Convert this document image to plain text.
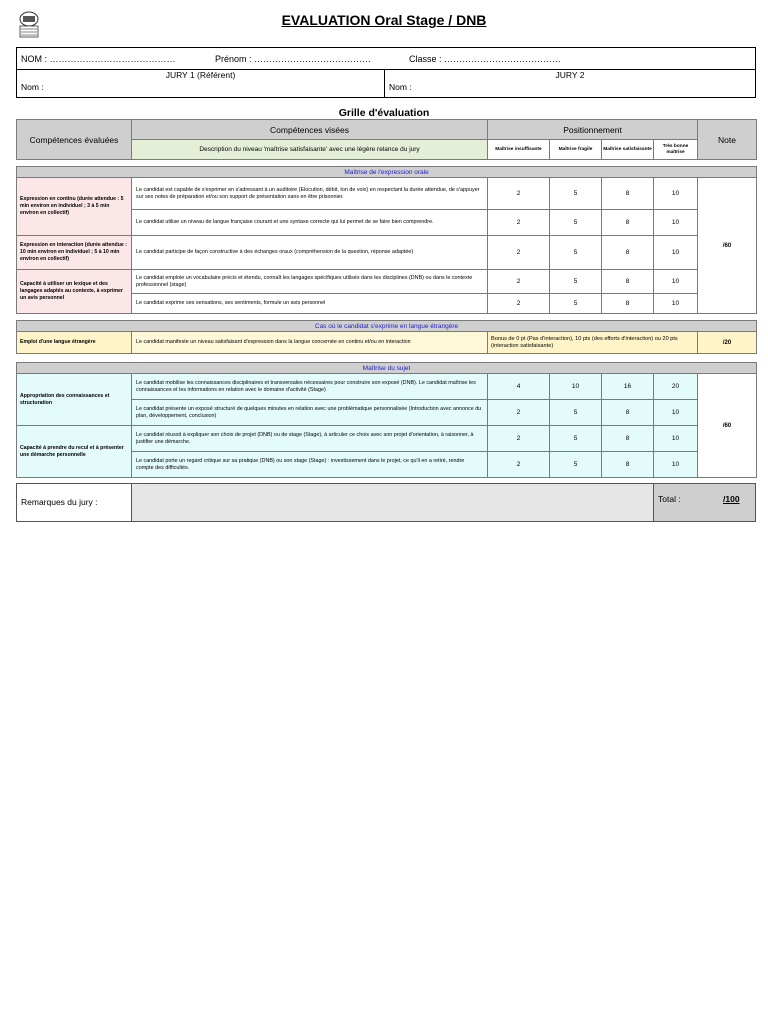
EVALUATION Oral Stage / DNB
NOM : ……………………………………	Prénom : …………………………………	Classe : …………………………………
JURY 1 (Référent)
Nom :
JURY 2
Nom :
Grille d'évaluation
Compétences évaluées	Compétences visées	Positionnement				Note
	Description du niveau 'maîtrise satisfaisante' avec une légère relance du jury	Maîtrise insuffisante	Maîtrise fragile	Maîtrise satisfaisante	Très bonne maîtrise	
Maîtrise de l'expression orale						
Expression en continu (durée attendue : 5 min environ en individuel ; 3 à 5 min environ en collectif)	Le candidat est capable de s'exprimer en s'adressant à un auditoire (Elocution, débit, ton de voix) en respectant la durée attendue, de s'appuyer sur ses notes de préparation et/ou son support de présentation sans en être prisonnier.	2	5	8	10	/60
	Le candidat utilise un niveau de langue française courant et une syntaxe correcte qui lui permet de se faire bien comprendre.	2	5	8	10	
Expression en interaction (durée attendue : 10 min environ en individuel ; 5 à 10 min environ en collectif)	Le candidat participe de façon constructive à des échanges oraux (compréhension de la question, réponse adaptée)	2	5	8	10	
Capacité à utiliser un lexique et des langages adaptés au contexte, à exprimer un avis personnel	Le candidat emploie un vocabulaire précis et étendu, connaît les langages spécifiques utilisés dans les disciplines (DNB) ou dans le contexte professionnel (stage)	2	5	8	10	
	Le candidat exprime ses sensations, ses sentiments, formule un avis personnel	2	5	8	10	
Cas où le candidat s'exprime en langue étrangère
Emploi d'une langue étrangère	Le candidat manifeste un niveau satisfaisant d'expression dans la langue concernée en continu et/ou en interaction	Bonus de 0 pt (Pas d'interaction), 10 pts (des efforts d'interaction) ou 20 pts (interaction satisfaisante)	/20
Maîtrise du sujet						
Appropriation des connaissances et structuration	Le candidat mobilise les connaissances disciplinaires et transversales nécessaires pour construire son exposé (DNB). Le candidat maîtrise les connaissances et les informations en relation avec le domaine d'activité (Stage)	4	10	16	20	/60
	Le candidat présente un exposé structuré de quelques minutes en relation avec une problématique personnalisée (Introduction avec annonce du plan, développement, conclusion)	2	5	8	10	
Capacité à prendre du recul et à présenter une démarche personnelle	Le candidat réussit à expliquer son choix de projet (DNB) ou de stage (Stage), à articuler ce choix avec son projet d'orientation, à raisonner, à justifier une démarche.	2	5	8	10	
	Le candidat porte un regard critique sur sa pratique (DNB) ou son stage (Stage) : investissement dans le projet, ce qu'il en a retiré, rendre compte des difficultés.	2	5	8	10	
Remarques du jury :	Total :	/100
